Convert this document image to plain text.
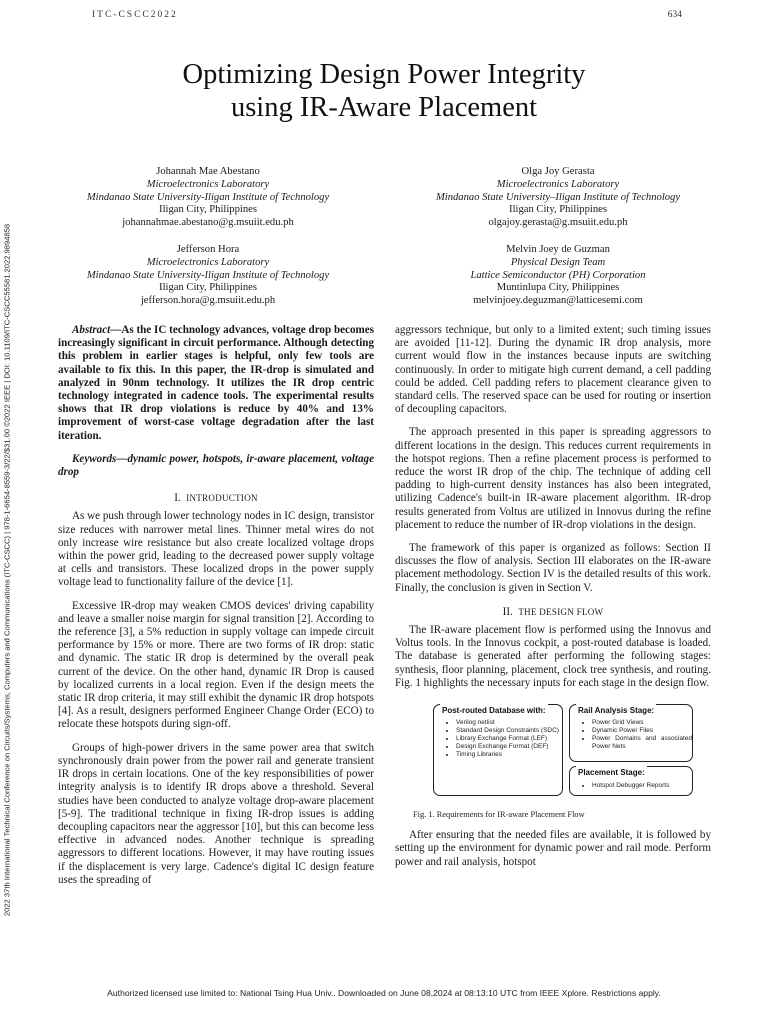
ITC-CSCC2022	634
Optimizing Design Power Integrity
using IR-Aware Placement
2022 37th International Technical Conference on Circuits/Systems, Computers and Communications (ITC-CSCC) | 978-1-6654-8559-3/22/$31.00 ©2022 IEEE | DOI: 10.1109/ITC-CSCC55581.2022.9894858
Johannah Mae Abestano
Microelectronics Laboratory
Mindanao State University-Iligan Institute of Technology
Iligan City, Philippines
johannahmae.abestano@g.msuiit.edu.ph
Olga Joy Gerasta
Microelectronics Laboratory
Mindanao State University–Iligan Institute of Technology
Iligan City, Philippines
olgajoy.gerasta@g.msuiit.edu.ph
Jefferson Hora
Microelectronics Laboratory
Mindanao State University-Iligan Institute of Technology
Iligan City, Philippines
jefferson.hora@g.msuiit.edu.ph
Melvin Joey de Guzman
Physical Design Team
Lattice Semiconductor (PH) Corporation
Muntinlupa City, Philippines
melvinjoey.deguzman@latticesemi.com

Abstract—As the IC technology advances, voltage drop becomes increasingly significant in circuit performance. Although detecting this problem in earlier stages is helpful, only few tools are available to fix this. In this paper, the IR-drop is simulated and analyzed in 90nm technology. It utilizes the IR drop centric technology integrated in cadence tools. The experimental results shows that IR drop violations is reduce by 40% and 13% improvement of worst-case voltage degradation after the last iteration.

Keywords—dynamic power, hotspots, ir-aware placement, voltage drop

I. INTRODUCTION

As we push through lower technology nodes in IC design, transistor size reduces with narrower metal lines. Thinner metal wires do not only increase wire resistance but also create localized voltage drops within the power grid, leading to the decreased power supply voltage at cells and transistors. These localized drops in the power supply voltage lead to functionality failure of the device [1].

Excessive IR-drop may weaken CMOS devices' driving capability and leave a smaller noise margin for signal transition [2]. According to the reference [3], a 5% reduction in supply voltage can impede circuit performance by 15% or more. There are two forms of IR drop: static and dynamic. The static IR drop is determined by the overall peak current of the device. On the other hand, dynamic IR Drop is caused by localized currents in a local region. Even if the design meets the static IR drop criteria, it may still exhibit the dynamic IR drop hotspots [4]. As a result, designers performed Engineer Change Order (ECO) to relocate these hotspots during sign-off.

Groups of high-power drivers in the same power area that switch synchronously drain power from the power rail and generate transient IR drops in certain locations. One of the key responsibilities of power integrity analysis is to identify IR drops above a threshold. Several studies have been conducted to analyze voltage drop-aware placement [5-9]. The traditional technique in fixing IR-drop issues is adding decoupling capacitors near the aggressor [10], but this can become less effective in advanced nodes. Another technique is spreading aggressors to different locations. However, it may have routing issues if the displacement is very large. Cadence's digital IC design feature uses the spreading of

aggressors technique, but only to a limited extent; such timing issues are avoided [11-12]. During the dynamic IR drop analysis, more current would flow in the instances because inputs are switching continuously. In order to mitigate high current demand, a cell padding could be added. Cell padding refers to placement clearance given to standard cells. The reserved space can be used for routing or insertion of decoupling capacitors.

The approach presented in this paper is spreading aggressors to different locations in the design. This reduces current requirements in the hotspot regions. Then a refine placement process is performed to reduce the worst IR drop of the chip. The technique of adding cell padding to high-current density instances has also been integrated, utilizing Cadence's built-in IR-aware placement algorithm. IR-drop results generated from Voltus are utilized in Innovus during the refine placement to reduce the number of IR-drop violations in the design.

The framework of this paper is organized as follows: Section II discusses the flow of analysis. Section III elaborates on the IR-aware placement methodology. Section IV is the detailed results of this work. Finally, the conclusion is given in Section V.

II. THE DESIGN FLOW

The IR-aware placement flow is performed using the Innovus and Voltus tools. In the Innovus cockpit, a post-routed database is loaded. The database is generated after performing the following stages: synthesis, floor planning, placement, clock tree synthesis, and routing. Fig. 1 highlights the necessary inputs for each stage in the design flow.

Post-routed Database with:
• Verilog netlist
• Standard Design Constraints (SDC)
• Library Exchange Format (LEF)
• Design Exchange Format (DEF)
• Timing Libraries
Rail Analysis Stage:
• Power Grid Views
• Dynamic Power Files
• Power Domains and associated Power Nets
Placement Stage:
• Hotspot Debugger Reports
Fig. 1. Requirements for IR-aware Placement Flow

After ensuring that the needed files are available, it is followed by setting up the environment for dynamic power and rail mode. Perform power and rail analysis, hotspot

Authorized licensed use limited to: National Tsing Hua Univ.. Downloaded on June 08,2024 at 08:13:10 UTC from IEEE Xplore. Restrictions apply.
